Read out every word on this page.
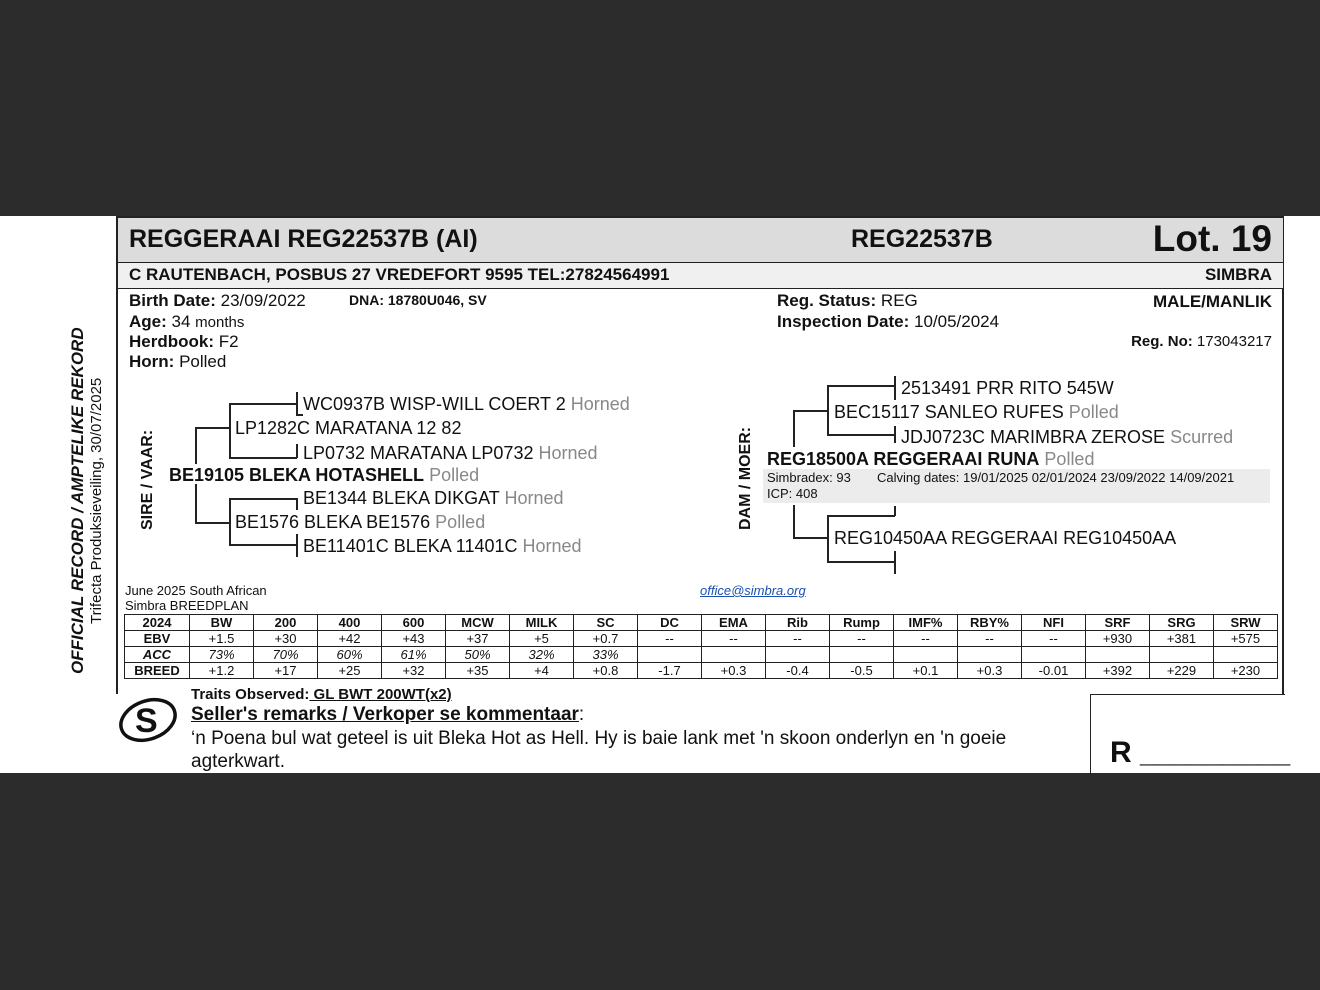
OFFICIAL RECORD / AMPTELIKE REKORD Trifecta Produksieveiling, 30/07/2025
REGGERAAI REG22537B (AI)	REG22537B	Lot. 19
C RAUTENBACH, POSBUS 27 VREDEFORT 9595 TEL:27824564991	SIMBRA
Birth Date: 23/09/2022	DNA: 18780U046, SV
Age: 34 months
Herdbook: F2
Horn: Polled
Reg. Status: REG	MALE/MANLIK
Inspection Date: 10/05/2024
Reg. No: 173043217
SIRE / VAAR:
WC0937B WISP-WILL COERT 2 Horned
LP1282C MARATANA 12 82
LP0732 MARATANA LP0732 Horned
BE19105 BLEKA HOTASHELL Polled
BE1344 BLEKA DIKGAT Horned
BE1576 BLEKA BE1576 Polled
BE11401C BLEKA 11401C Horned
DAM / MOER:
2513491 PRR RITO 545W
BEC15117 SANLEO RUFES Polled
JDJ0723C MARIMBRA ZEROSE Scurred
REG18500A REGGERAAI RUNA Polled
Simbradex: 93
ICP: 408
Calving dates: 19/01/2025 02/01/2024 23/09/2022 14/09/2021
REG10450AA REGGERAAI REG10450AA
June 2025 South African
Simbra BREEDPLAN
office@simbra.org
2024	BW	200	400	600	MCW	MILK	SC	DC	EMA	Rib	Rump	IMF%	RBY%	NFI	SRF	SRG	SRW
EBV	+1.5	+30	+42	+43	+37	+5	+0.7	--	--	--	--	--	--	--	+930	+381	+575
ACC	73%	70%	60%	61%	50%	32%	33%										
BREED	+1.2	+17	+25	+32	+35	+4	+0.8	-1.7	+0.3	-0.4	-0.5	+0.1	+0.3	-0.01	+392	+229	+230
S
Traits Observed: GL BWT 200WT(x2)
Seller's remarks / Verkoper se kommentaar:
‘n Poena bul wat geteel is uit Bleka Hot as Hell. Hy is baie lank met 'n skoon onderlyn en 'n goeie
agterkwart.	R _________
